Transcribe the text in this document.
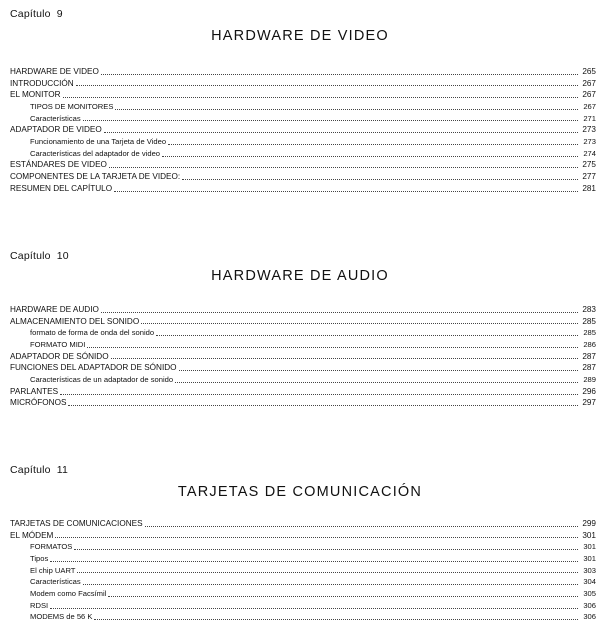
Capítulo 9
HARDWARE DE VIDEO
HARDWARE DE VIDEO	265
INTRODUCCIÓN	267
EL MONITOR	267
TIPOS DE MONITORES	267
Características	271
ADAPTADOR DE VIDEO	273
Funcionamiento de una Tarjeta de Video	273
Características del adaptador de video	274
ESTÁNDARES DE VIDEO	275
COMPONENTES DE LA TARJETA DE VIDEO:	277
RESUMEN DEL CAPÍTULO	281
Capítulo 10
HARDWARE DE AUDIO
HARDWARE DE AUDIO	283
ALMACENAMIENTO DEL SONIDO	285
formato de forma de onda del sonido	285
FORMATO MIDI	286
ADAPTADOR DE SÓNIDO	287
FUNCIONES DEL ADAPTADOR DE SÓNIDO	287
Características de un adaptador de sonido	289
PARLANTES	296
MICRÓFONOS	297
Capítulo 11
TARJETAS DE COMUNICACIÓN
TARJETAS DE COMUNICACIONES	299
EL MÓDEM	301
FORMATOS	301
Tipos	301
El chip UART	303
Características	304
Modem como Facsímil	305
RDSI	306
MODEMS de 56 K	306
